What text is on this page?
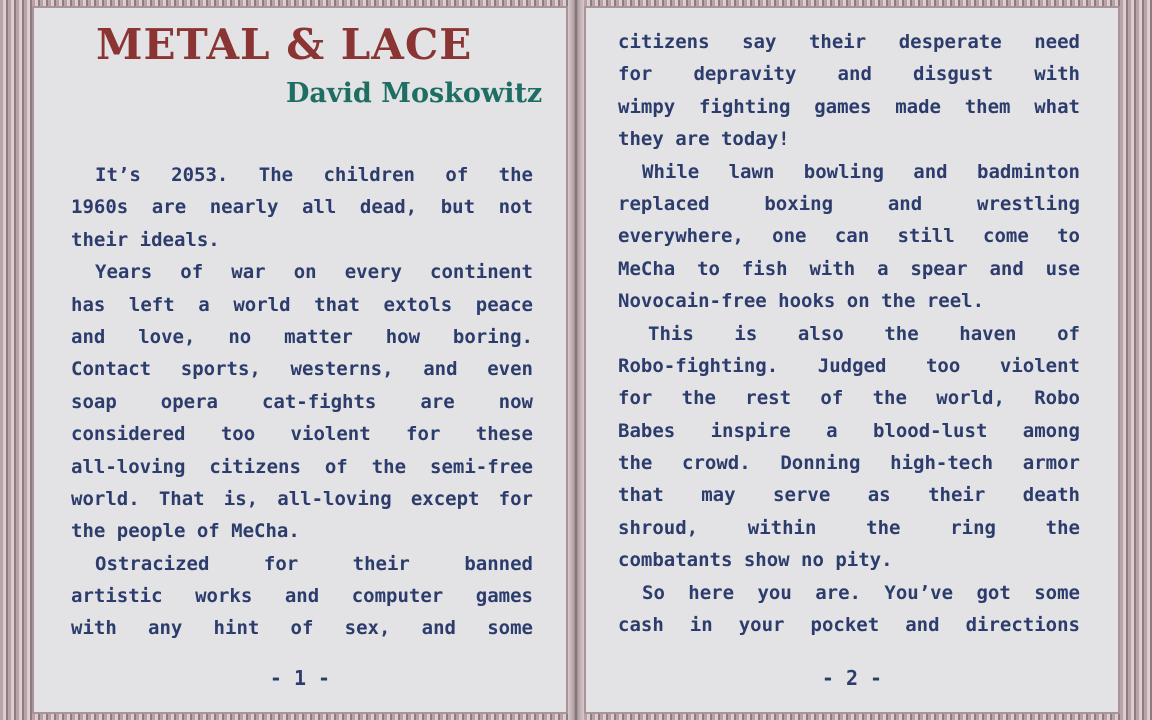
METAL & LACE
David Moskowitz
It’s 2053. The children of the
1960s are nearly all dead, but not
their ideals.
Years of war on every continent
has left a world that extols peace
and love, no matter how boring.
Contact sports, westerns, and even
soap opera cat-fights are now
considered too violent for these
all-loving citizens of the semi-free
world. That is, all-loving except for
the people of MeCha.
Ostracized for their banned
artistic works and computer games
with any hint of sex, and some
- 1 -
citizens say their desperate need
for depravity and disgust with
wimpy fighting games made them what
they are today!
While lawn bowling and badminton
replaced boxing and wrestling
everywhere, one can still come to
MeCha to fish with a spear and use
Novocain-free hooks on the reel.
This is also the haven of
Robo-fighting. Judged too violent
for the rest of the world, Robo
Babes inspire a blood-lust among
the crowd. Donning high-tech armor
that may serve as their death
shroud, within the ring the
combatants show no pity.
So here you are. You’ve got some
cash in your pocket and directions
- 2 -
